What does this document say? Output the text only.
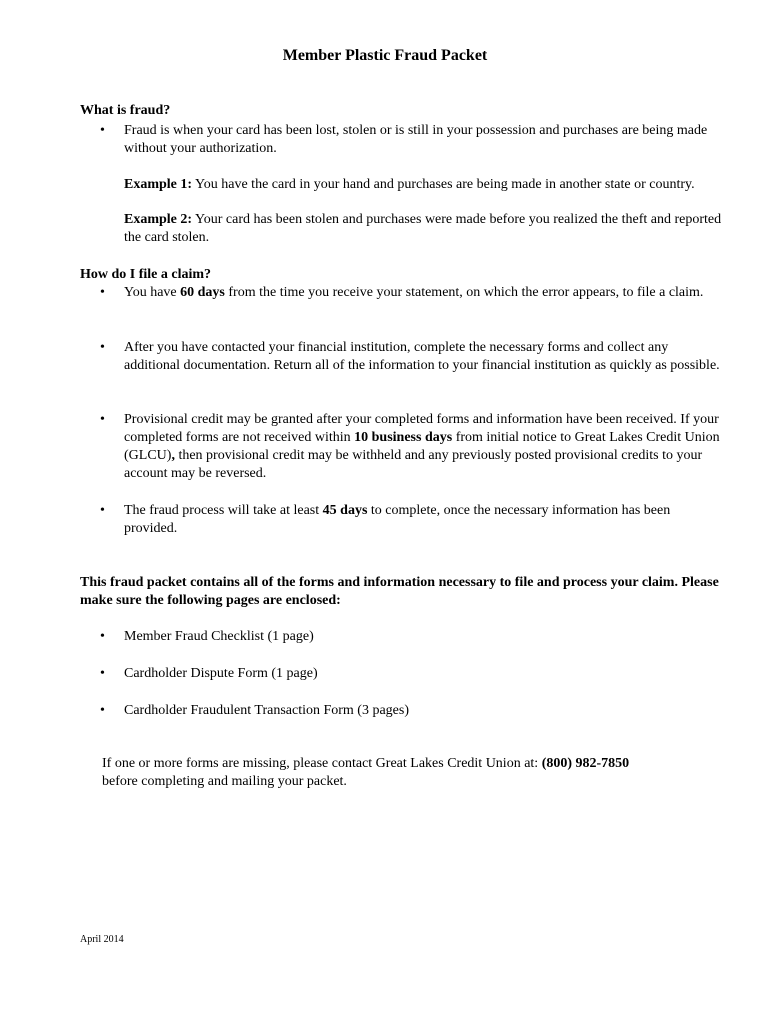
Member Plastic Fraud Packet
What is fraud?
•	Fraud is when your card has been lost, stolen or is still in your possession and purchases are being made without your authorization.
Example 1: You have the card in your hand and purchases are being made in another state or country.
Example 2: Your card has been stolen and purchases were made before you realized the theft and reported the card stolen.
How do I file a claim?
•	You have 60 days from the time you receive your statement, on which the error appears, to file a claim.
•	After you have contacted your financial institution, complete the necessary forms and collect any additional documentation. Return all of the information to your financial institution as quickly as possible.
•	Provisional credit may be granted after your completed forms and information have been received. If your completed forms are not received within 10 business days from initial notice to Great Lakes Credit Union (GLCU), then provisional credit may be withheld and any previously posted provisional credits to your account may be reversed.
•	The fraud process will take at least 45 days to complete, once the necessary information has been provided.
This fraud packet contains all of the forms and information necessary to file and process your claim. Please make sure the following pages are enclosed:
•	Member Fraud Checklist (1 page)
•	Cardholder Dispute Form (1 page)
•	Cardholder Fraudulent Transaction Form (3 pages)
If one or more forms are missing, please contact Great Lakes Credit Union at: (800) 982-7850
before completing and mailing your packet.
April 2014
